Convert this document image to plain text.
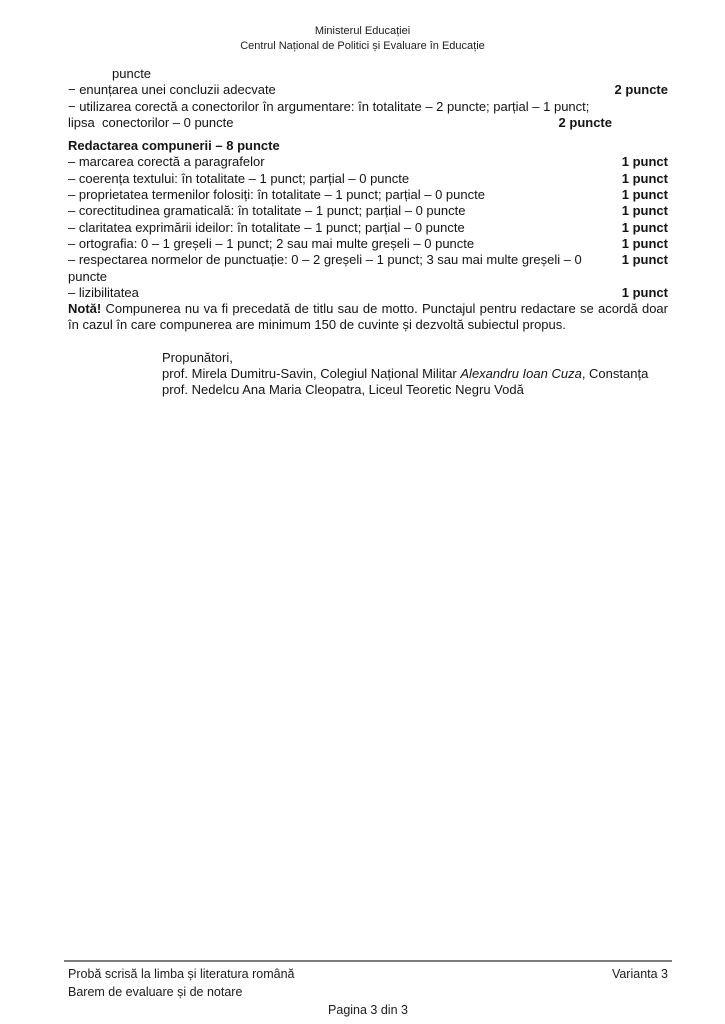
Ministerul Educației
Centrul Național de Politici și Evaluare în Educație
puncte
− enunțarea unei concluzii adecvate	2 puncte
− utilizarea corectă a conectorilor în argumentare: în totalitate – 2 puncte; parțial – 1 punct;
lipsa  conectorilor – 0 puncte	2 puncte
Redactarea compunerii – 8 puncte
– marcarea corectă a paragrafelor	1 punct
– coerența textului: în totalitate – 1 punct; parțial – 0 puncte	1 punct
– proprietatea termenilor folosiți: în totalitate – 1 punct; parțial – 0 puncte	1 punct
– corectitudinea gramaticală: în totalitate – 1 punct; parțial – 0 puncte	1 punct
– claritatea exprimării ideilor: în totalitate – 1 punct; parțial – 0 puncte	1 punct
– ortografia: 0 – 1 greșeli – 1 punct; 2 sau mai multe greșeli – 0 puncte	1 punct
– respectarea normelor de punctuație: 0 – 2 greșeli – 1 punct; 3 sau mai multe greșeli – 0	1 punct
puncte
– lizibilitatea	1 punct
Notă! Compunerea nu va fi precedată de titlu sau de motto. Punctajul pentru redactare se acordă doar în cazul în care compunerea are minimum 150 de cuvinte și dezvoltă subiectul propus.
Propunători,
prof. Mirela Dumitru-Savin, Colegiul Național Militar Alexandru Ioan Cuza, Constanța
prof. Nedelcu Ana Maria Cleopatra, Liceul Teoretic Negru Vodă
Probă scrisă la limba și literatura română	Varianta 3
Barem de evaluare și de notare
Pagina 3 din 3
